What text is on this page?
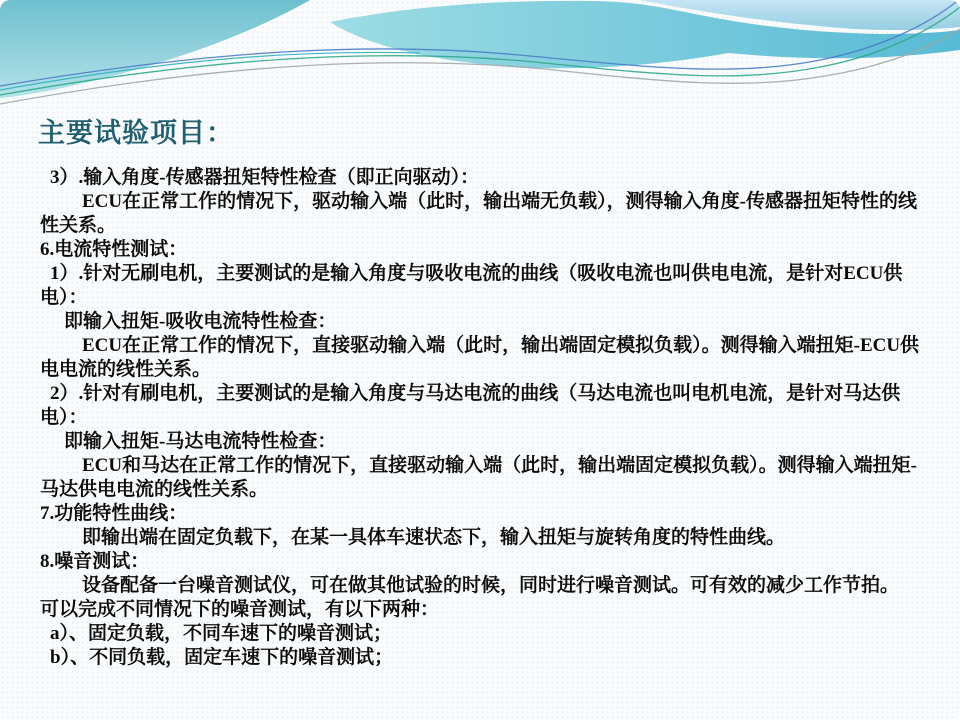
主要试验项目：
3）.输入角度-传感器扭矩特性检查（即正向驱动）：
ECU在正常工作的情况下，驱动输入端（此时，输出端无负载），测得输入角度-传感器扭矩特性的线
性关系。
6.电流特性测试：
1）.针对无刷电机，主要测试的是输入角度与吸收电流的曲线（吸收电流也叫供电电流，是针对ECU供
电）：
即输入扭矩-吸收电流特性检查：
ECU在正常工作的情况下，直接驱动输入端（此时，输出端固定模拟负载）。测得输入端扭矩-ECU供
电电流的线性关系。
2）.针对有刷电机，主要测试的是输入角度与马达电流的曲线（马达电流也叫电机电流，是针对马达供
电）：
即输入扭矩-马达电流特性检查：
ECU和马达在正常工作的情况下，直接驱动输入端（此时，输出端固定模拟负载）。测得输入端扭矩-
马达供电电流的线性关系。
7.功能特性曲线：
即输出端在固定负载下，在某一具体车速状态下，输入扭矩与旋转角度的特性曲线。
8.噪音测试：
设备配备一台噪音测试仪，可在做其他试验的时候，同时进行噪音测试。可有效的减少工作节拍。
可以完成不同情况下的噪音测试，有以下两种：
a）、固定负载，不同车速下的噪音测试；
b）、不同负载，固定车速下的噪音测试；
